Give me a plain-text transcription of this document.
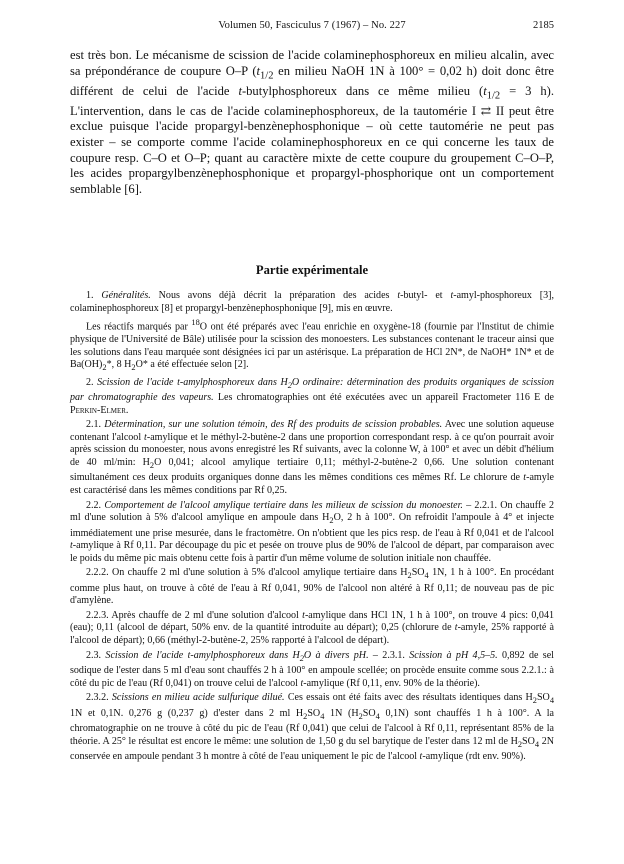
Volumen 50, Fasciculus 7 (1967) – No. 227	2185

est très bon. Le mécanisme de scission de l'acide colaminephosphoreux en milieu alcalin, avec sa prépondérance de coupure O–P ($t_{1/2}$ en milieu NaOH 1N à 100° = 0,02 h) doit donc être différent de celui de l'acide t-butylphosphoreux dans ce même milieu ($t_{1/2} = 3$ h). L'intervention, dans le cas de l'acide colaminephosphoreux, de la tautomérie I ⇄ II peut être exclue puisque l'acide propargyl-benzènephosphonique – où cette tautomérie ne peut pas exister – se comporte comme l'acide colaminephosphoreux en ce qui concerne les taux de coupure resp. C–O et O–P; quant au caractère mixte de cette coupure du groupement C–O–P, les acides propargylbenzènephosphonique et propargyl-phosphorique ont un comportement semblable [6].

Partie expérimentale

1. Généralités. Nous avons déjà décrit la préparation des acides t-butyl- et t-amyl-phosphoreux [3], colaminephosphoreux [8] et propargyl-benzènephosphonique [9], mis en œuvre.

Les réactifs marqués par $^{18}$O ont été préparés avec l'eau enrichie en oxygène-18 (fournie par l'Institut de chimie physique de l'Université de Bâle) utilisée pour la scission des monoesters. Les substances contenant le traceur ainsi que les solutions dans l'eau marquée sont désignées ici par un astérisque. La préparation de HCl 2N*, de NaOH* 1N* et de $Ba(OH)_2*$, 8 $H_2O*$ a été effectuée selon [2].

2. Scission de l'acide t-amylphosphoreux dans $H_2O$ ordinaire: détermination des produits organiques de scission par chromatographie des vapeurs. Les chromatographies ont été exécutées avec un appareil Fractometer 116 E de Perkin-Elmer.

2.1. Détermination, sur une solution témoin, des Rf des produits de scission probables. Avec une solution aqueuse contenant l'alcool t-amylique et le méthyl-2-butène-2 dans une proportion correspondant resp. à ce qu'on pourrait avoir après scission du monoester, nous avons enregistré les Rf suivants, avec la colonne W, à 100° et avec un débit d'hélium de 40 ml/min: $H_2O$ 0,041; alcool amylique tertiaire 0,11; méthyl-2-butène-2 0,66. Une solution contenant simultanément ces deux produits organiques donne dans les mêmes conditions ces mêmes Rf. Le chlorure de t-amyle est caractérisé dans les mêmes conditions par Rf 0,25.

2.2. Comportement de l'alcool amylique tertiaire dans les milieux de scission du monoester. – 2.2.1. On chauffe 2 ml d'une solution à 5% d'alcool amylique en ampoule dans $H_2O$, 2 h à 100°. On refroidit l'ampoule à 4° et injecte immédiatement une prise mesurée, dans le fractomètre. On n'obtient que les pics resp. de l'eau à Rf 0,041 et de l'alcool t-amylique à Rf 0,11. Par découpage du pic et pesée on trouve plus de 90% de l'alcool de départ, par comparaison avec le poids du même pic mais obtenu cette fois à partir d'un même volume de solution initiale non chauffée.

2.2.2. On chauffe 2 ml d'une solution à 5% d'alcool amylique tertiaire dans $H_2SO_4$ 1N, 1 h à 100°. En procédant comme plus haut, on trouve à côté de l'eau à Rf 0,041, 90% de l'alcool non altéré à Rf 0,11; de nouveau pas de pic d'amylène.

2.2.3. Après chauffe de 2 ml d'une solution d'alcool t-amylique dans HCl 1N, 1 h à 100°, on trouve 4 pics: 0,041 (eau); 0,11 (alcool de départ, 50% env. de la quantité introduite au départ); 0,25 (chlorure de t-amyle, 25% rapporté à l'alcool de départ); 0,66 (méthyl-2-butène-2, 25% rapporté à l'alcool de départ).

2.3. Scission de l'acide t-amylphosphoreux dans $H_2O$ à divers pH. – 2.3.1. Scission à pH 4,5–5. 0,892 de sel sodique de l'ester dans 5 ml d'eau sont chauffés 2 h à 100° en ampoule scellée; on procède ensuite comme sous 2.2.1.: à côté du pic de l'eau (Rf 0,041) on trouve celui de l'alcool t-amylique (Rf 0,11, env. 90% de la théorie).

2.3.2. Scissions en milieu acide sulfurique dilué. Ces essais ont été faits avec des résultats identiques dans $H_2SO_4$ 1N et 0,1N. 0,276 g (0,237 g) d'ester dans 2 ml $H_2SO_4$ 1N ($H_2SO_4$ 0,1N) sont chauffés 1 h à 100°. A la chromatographie on ne trouve à côté du pic de l'eau (Rf 0,041) que celui de l'alcool à Rf 0,11, représentant 85% de la théorie. A 25° le résultat est encore le même: une solution de 1,50 g du sel barytique de l'ester dans 12 ml de $H_2SO_4$ 2N conservée en ampoule pendant 3 h montre à côté de l'eau uniquement le pic de l'alcool t-amylique (rdt env. 90%).
